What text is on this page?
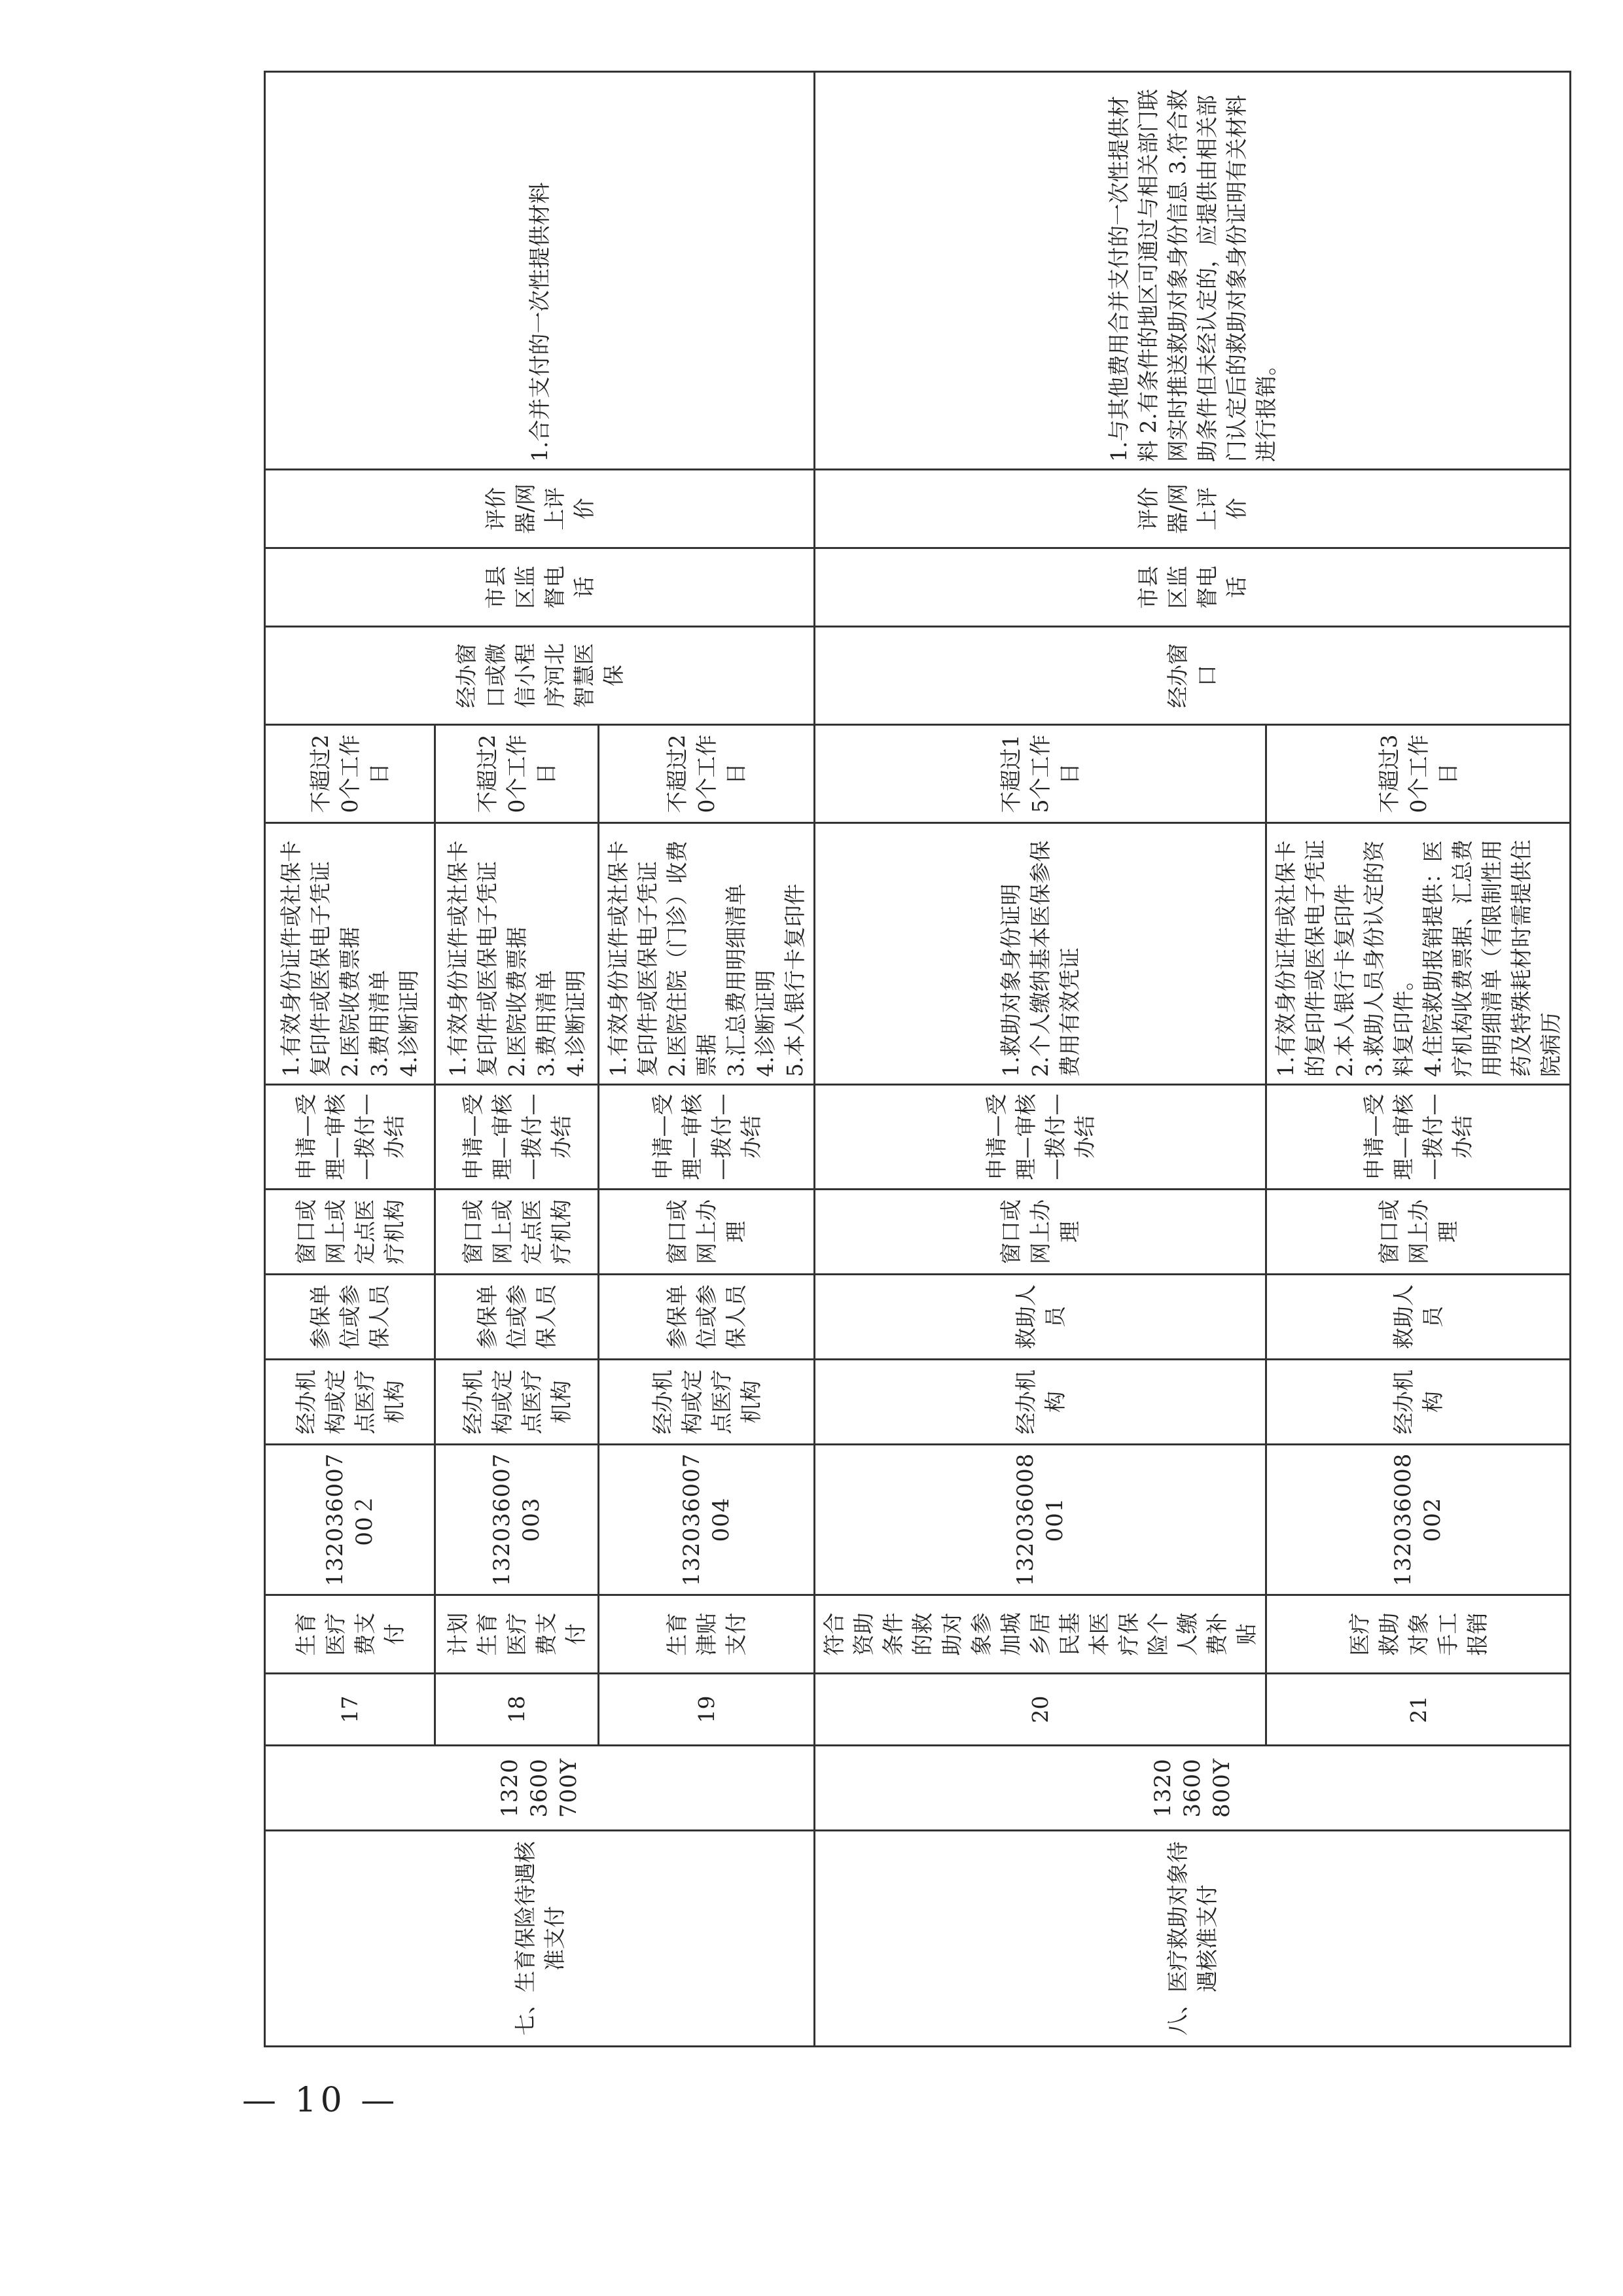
七、生育保险待遇核准支付	13203600700Y	17	生育医疗费支付	13203600700２	经办机构或定点医疗机构	参保单位或参保人员	窗口或网上或定点医疗机构	申请—受理—审核—拨付—办结	1.有效身份证件或社保卡复印件或医保电子凭证 2.医院收费票据 3.费用清单 4.诊断证明	不超过20个工作日	经办窗口或微信小程序河北智慧医保	市县区监督电话	评价器/网上评价	1.合并支付的一次性提供材料
		18	计划生育医疗费支付	132036007003	经办机构或定点医疗机构	参保单位或参保人员	窗口或网上或定点医疗机构	申请—受理—审核—拨付—办结	1.有效身份证件或社保卡复印件或医保电子凭证 2.医院收费票据 3.费用清单 4.诊断证明	不超过20个工作日				
		19	生育津贴支付	132036007004	经办机构或定点医疗机构	参保单位或参保人员	窗口或网上办理	申请—受理—审核—拨付—办结	1.有效身份证件或社保卡复印件或医保电子凭证 2.医院住院（门诊）收费票据 3.汇总费用明细清单 4.诊断证明 5.本人银行卡复印件	不超过20个工作日				
八、医疗救助对象待遇核准支付	13203600800Y	20	符合资助条件的救助对象参加城乡居民基本医疗保险个人缴费补贴	132036008001	经办机构	救助人员	窗口或网上办理	申请—受理—审核—拨付—办结	1.救助对象身份证明 2.个人缴纳基本医保参保费用有效凭证	不超过15个工作日	经办窗口	市县区监督电话	评价器/网上评价	1.与其他费用合并支付的一次性提供材料 2.有条件的地区可通过与相关部门联网实时推送救助对象身份信息 3.符合救助条件但未经认定的，应提供由相关部门认定后的救助对象身份证明有关材料进行报销。
		21	医疗救助对象手工报销	132036008002	经办机构	救助人员	窗口或网上办理	申请—受理—审核—拨付—办结	1.有效身份证件或社保卡的复印件或医保电子凭证 2.本人银行卡复印件 3.救助人员身份认定的资料复印件。 4.住院救助报销提供：医疗机构收费票据、汇总费用明细清单（有限制性用药及特殊耗材时需提供住院病历	不超过30个工作日				
— 10 —
